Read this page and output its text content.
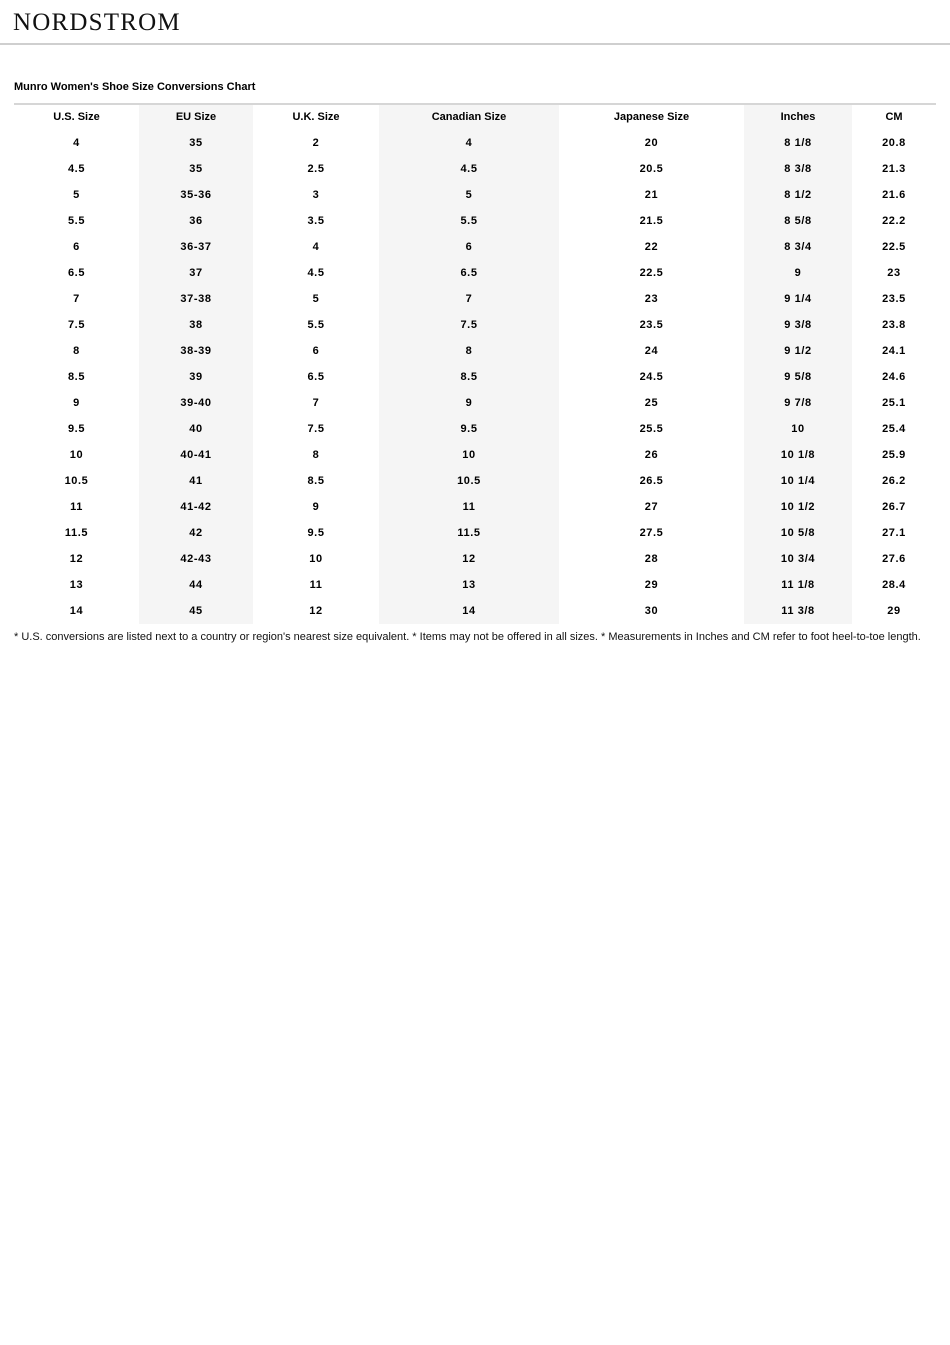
NORDSTROM
Munro Women's Shoe Size Conversions Chart
U.S. Size	EU Size	U.K. Size	Canadian Size	Japanese Size	Inches	CM
4	35	2	4	20	8 1/8	20.8
4.5	35	2.5	4.5	20.5	8 3/8	21.3
5	35-36	3	5	21	8 1/2	21.6
5.5	36	3.5	5.5	21.5	8 5/8	22.2
6	36-37	4	6	22	8 3/4	22.5
6.5	37	4.5	6.5	22.5	9	23
7	37-38	5	7	23	9 1/4	23.5
7.5	38	5.5	7.5	23.5	9 3/8	23.8
8	38-39	6	8	24	9 1/2	24.1
8.5	39	6.5	8.5	24.5	9 5/8	24.6
9	39-40	7	9	25	9 7/8	25.1
9.5	40	7.5	9.5	25.5	10	25.4
10	40-41	8	10	26	10 1/8	25.9
10.5	41	8.5	10.5	26.5	10 1/4	26.2
11	41-42	9	11	27	10 1/2	26.7
11.5	42	9.5	11.5	27.5	10 5/8	27.1
12	42-43	10	12	28	10 3/4	27.6
13	44	11	13	29	11 1/8	28.4
14	45	12	14	30	11 3/8	29
* U.S. conversions are listed next to a country or region's nearest size equivalent. * Items may not be offered in all sizes. * Measurements in Inches and CM refer to foot heel-to-toe length.
